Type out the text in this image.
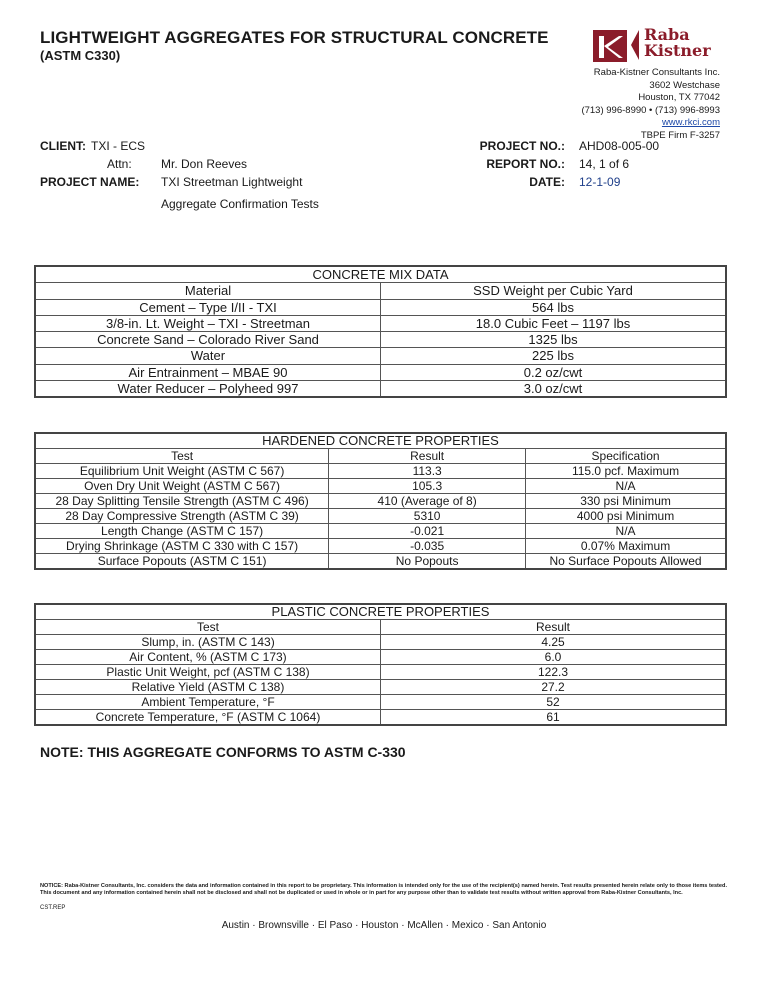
LIGHTWEIGHT AGGREGATES FOR STRUCTURAL CONCRETE
(ASTM C330)
Raba
Kistner
Raba-Kistner Consultants Inc.
3602 Westchase
Houston, TX 77042
(713) 996-8990 • (713) 996-8993
www.rkci.com
TBPE Firm F-3257
CLIENT: TXI - ECS
Attn: Mr. Don Reeves
PROJECT NAME: TXI Streetman Lightweight
Aggregate Confirmation Tests
PROJECT NO.: AHD08-005-00
REPORT NO.: 14, 1 of 6
DATE: 12-1-09
CONCRETE MIX DATA	
Material	SSD Weight per Cubic Yard
Cement – Type I/II - TXI	564 lbs
3/8-in. Lt. Weight – TXI - Streetman	18.0 Cubic Feet – 1197 lbs
Concrete Sand – Colorado River Sand	1325 lbs
Water	225 lbs
Air Entrainment – MBAE 90	0.2 oz/cwt
Water Reducer – Polyheed 997	3.0 oz/cwt
HARDENED CONCRETE PROPERTIES		
Test	Result	Specification
Equilibrium Unit Weight (ASTM C 567)	113.3	115.0 pcf. Maximum
Oven Dry Unit Weight (ASTM C 567)	105.3	N/A
28 Day Splitting Tensile Strength (ASTM C 496)	410 (Average of 8)	330 psi Minimum
28 Day Compressive Strength (ASTM C 39)	5310	4000 psi Minimum
Length Change (ASTM C 157)	-0.021	N/A
Drying Shrinkage (ASTM C 330 with C 157)	-0.035	0.07% Maximum
Surface Popouts (ASTM C 151)	No Popouts	No Surface Popouts Allowed
PLASTIC CONCRETE PROPERTIES	
Test	Result
Slump, in. (ASTM C 143)	4.25
Air Content, % (ASTM C 173)	6.0
Plastic Unit Weight, pcf (ASTM C 138)	122.3
Relative Yield (ASTM C 138)	27.2
Ambient Temperature, °F	52
Concrete Temperature, °F (ASTM C 1064)	61
NOTE: THIS AGGREGATE CONFORMS TO ASTM C-330
NOTICE: Raba-Kistner Consultants, Inc. considers the data and information contained in this report to be proprietary. This information is intended only for the use of the recipient(s) named herein. Test results presented herein relate only to those items tested. This document and any information contained herein shall not be disclosed and shall not be duplicated or used in whole or in part for any purpose other than to validate test results without written approval from Raba-Kistner Consultants, Inc.
CST.REP
Austin · Brownsville · El Paso · Houston · McAllen · Mexico · San Antonio
